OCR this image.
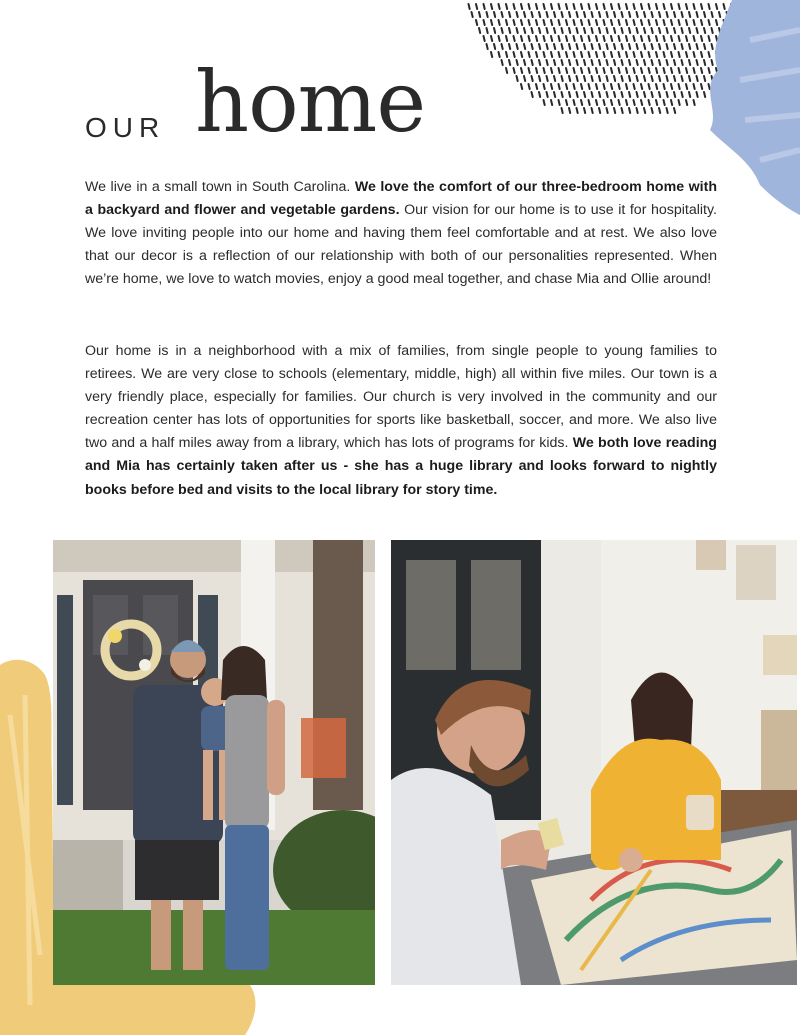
OUR home

We live in a small town in South Carolina. We love the comfort of our three-bedroom home with a backyard and flower and vegetable gardens. Our vision for our home is to use it for hospitality. We love inviting people into our home and having them feel comfortable and at rest. We also love that our decor is a reflection of our relationship with both of our personalities represented. When we’re home, we love to watch movies, enjoy a good meal together, and chase Mia and Ollie around!

Our home is in a neighborhood with a mix of families, from single people to young families to retirees. We are very close to schools (elementary, middle, high) all within five miles. Our town is a very friendly place, especially for families. Our church is very involved in the community and our recreation center has lots of opportunities for sports like basketball, soccer, and more. We also live two and a half miles away from a library, which has lots of programs for kids. We both love reading and Mia has certainly taken after us - she has a huge library and looks forward to nightly books before bed and visits to the local library for story time.
